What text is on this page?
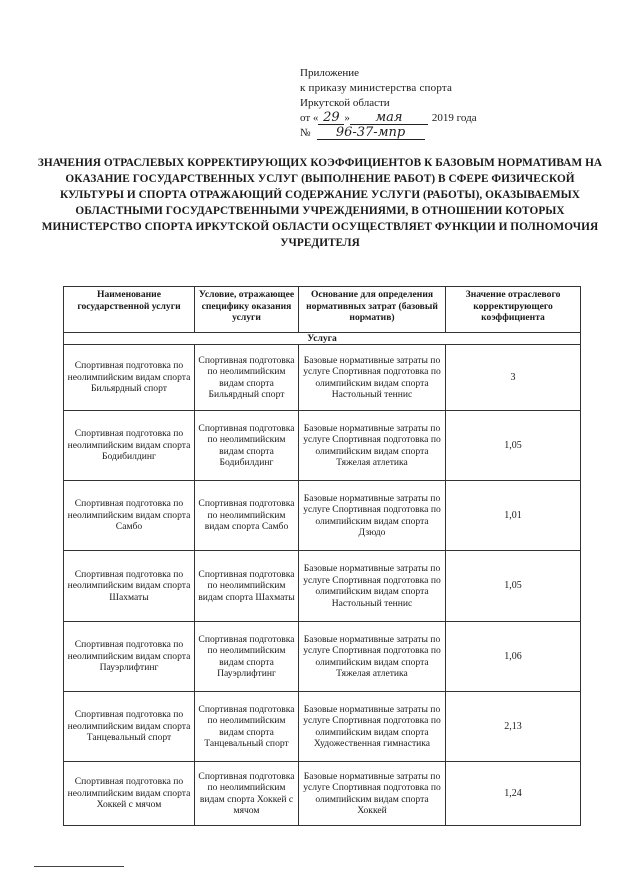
Приложение
к приказу министерства спорта
Иркутской области
от « 29 » мая	2019 года
№ 96-37-мпр
ЗНАЧЕНИЯ ОТРАСЛЕВЫХ КОРРЕКТИРУЮЩИХ КОЭФФИЦИЕНТОВ К БАЗОВЫМ НОРМАТИВАМ НА ОКАЗАНИЕ ГОСУДАРСТВЕННЫХ УСЛУГ (ВЫПОЛНЕНИЕ РАБОТ) В СФЕРЕ ФИЗИЧЕСКОЙ КУЛЬТУРЫ И СПОРТА ОТРАЖАЮЩИЙ СОДЕРЖАНИЕ УСЛУГИ (РАБОТЫ), ОКАЗЫВАЕМЫХ ОБЛАСТНЫМИ ГОСУДАРСТВЕННЫМИ УЧРЕЖДЕНИЯМИ, В ОТНОШЕНИИ КОТОРЫХ МИНИСТЕРСТВО СПОРТА ИРКУТСКОЙ ОБЛАСТИ ОСУЩЕСТВЛЯЕТ ФУНКЦИИ И ПОЛНОМОЧИЯ УЧРЕДИТЕЛЯ
Наименование государственной услуги	Условие, отражающее специфику оказания услуги	Основание для определения нормативных затрат (базовый норматив)	Значение отраслевого корректирующего коэффициента
Услуга			
Спортивная подготовка по неолимпийским видам спорта Бильярдный спорт	Спортивная подготовка по неолимпийским видам спорта Бильярдный спорт	Базовые нормативные затраты по услуге Спортивная подготовка по олимпийским видам спорта Настольный теннис	3
Спортивная подготовка по неолимпийским видам спорта Бодибилдинг	Спортивная подготовка по неолимпийским видам спорта Бодибилдинг	Базовые нормативные затраты по услуге Спортивная подготовка по олимпийским видам спорта Тяжелая атлетика	1,05
Спортивная подготовка по неолимпийским видам спорта Самбо	Спортивная подготовка по неолимпийским видам спорта Самбо	Базовые нормативные затраты по услуге Спортивная подготовка по олимпийским видам спорта Дзюдо	1,01
Спортивная подготовка по неолимпийским видам спорта Шахматы	Спортивная подготовка по неолимпийским видам спорта Шахматы	Базовые нормативные затраты по услуге Спортивная подготовка по олимпийским видам спорта Настольный теннис	1,05
Спортивная подготовка по неолимпийским видам спорта Пауэрлифтинг	Спортивная подготовка по неолимпийским видам спорта Пауэрлифтинг	Базовые нормативные затраты по услуге Спортивная подготовка по олимпийским видам спорта Тяжелая атлетика	1,06
Спортивная подготовка по неолимпийским видам спорта Танцевальный спорт	Спортивная подготовка по неолимпийским видам спорта Танцевальный спорт	Базовые нормативные затраты по услуге Спортивная подготовка по олимпийским видам спорта Художественная гимнастика	2,13
Спортивная подготовка по неолимпийским видам спорта Хоккей с мячом	Спортивная подготовка по неолимпийским видам спорта Хоккей с мячом	Базовые нормативные затраты по услуге Спортивная подготовка по олимпийским видам спорта Хоккей	1,24
